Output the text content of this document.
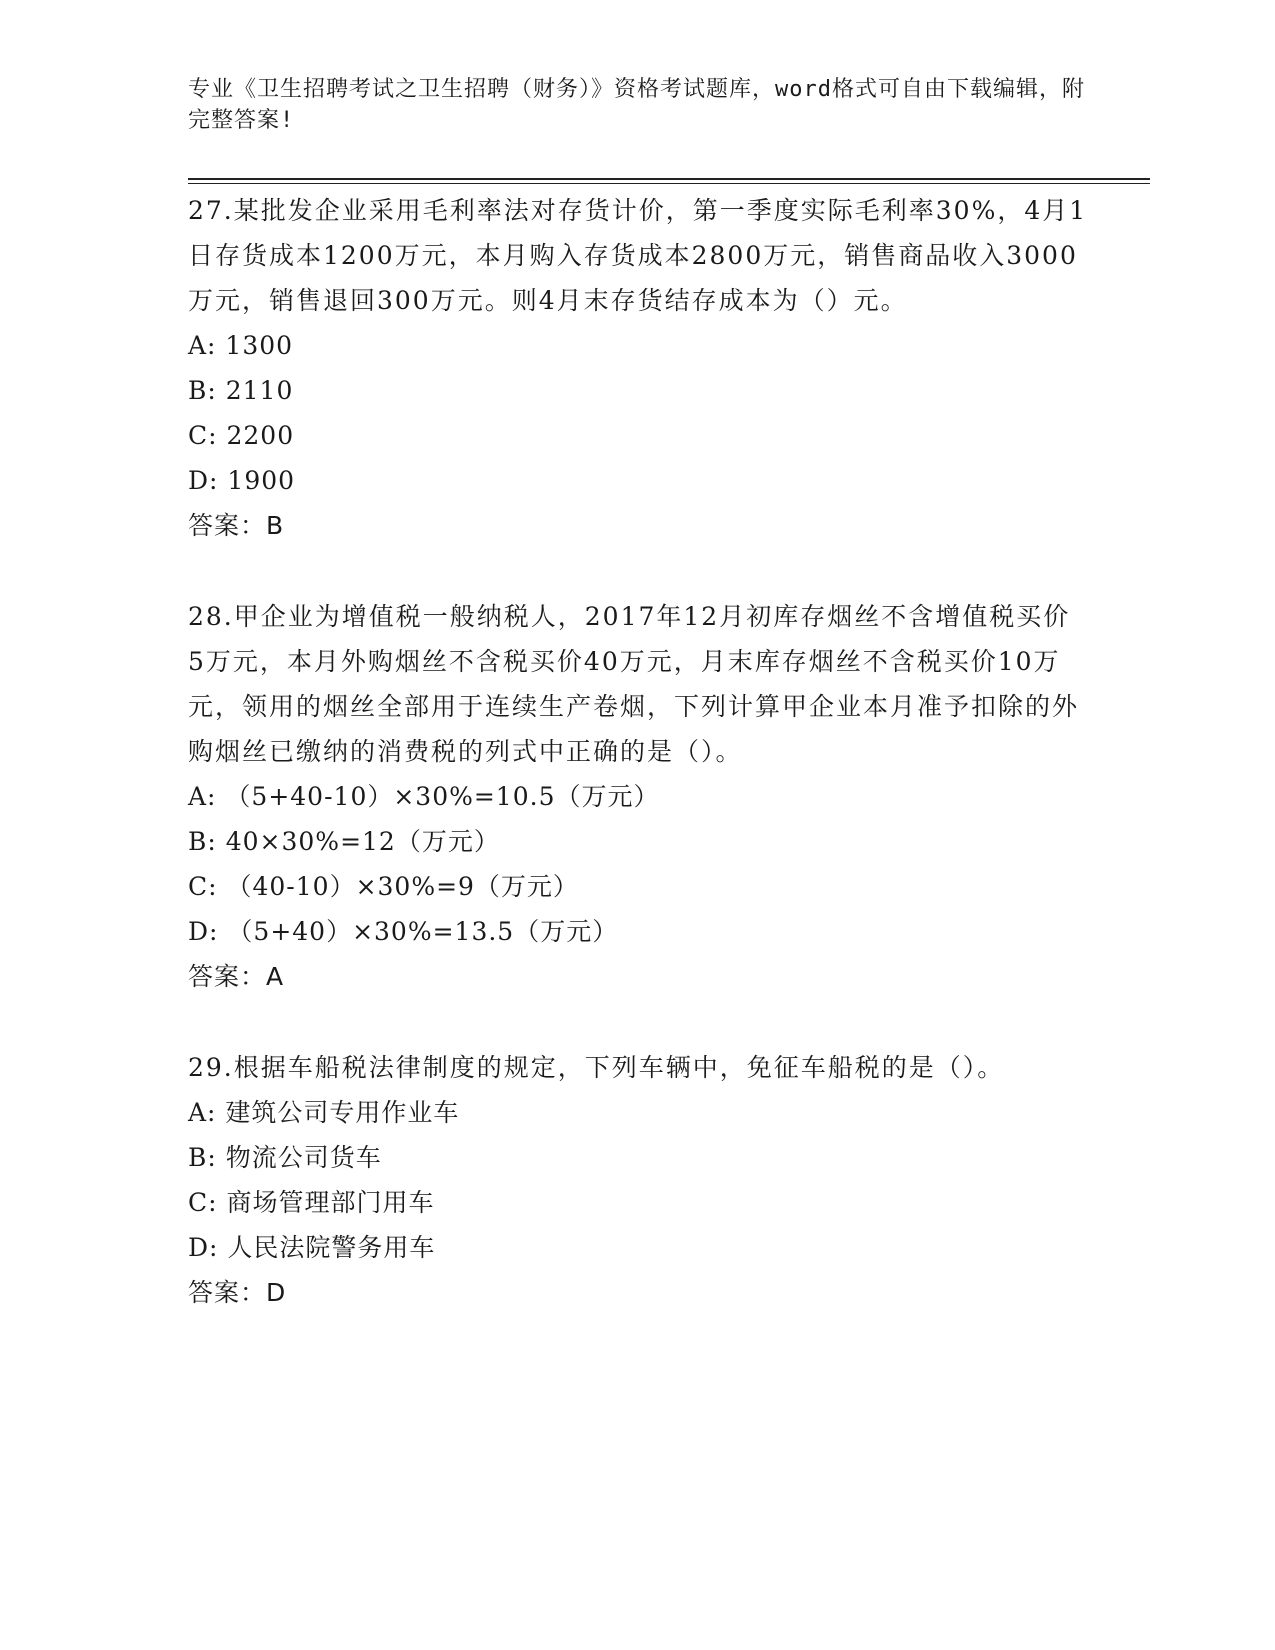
专业《卫生招聘考试之卫生招聘（财务）》资格考试题库，word格式可自由下载编辑，附完整答案!

27.某批发企业采用毛利率法对存货计价，第一季度实际毛利率30%，4月1日存货成本1200万元，本月购入存货成本2800万元，销售商品收入3000万元，销售退回300万元。则4月末存货结存成本为（）元。

A: 1300

B: 2110

C: 2200

D: 1900

答案：B

28.甲企业为增值税一般纳税人，2017年12月初库存烟丝不含增值税买价5万元，本月外购烟丝不含税买价40万元，月末库存烟丝不含税买价10万元，领用的烟丝全部用于连续生产卷烟，下列计算甲企业本月准予扣除的外购烟丝已缴纳的消费税的列式中正确的是（）。

A: （5+40-10）×30%=10.5（万元）

B: 40×30%=12（万元）

C: （40-10）×30%=9（万元）

D: （5+40）×30%=13.5（万元）

答案：A

29.根据车船税法律制度的规定，下列车辆中，免征车船税的是（）。

A: 建筑公司专用作业车

B: 物流公司货车

C: 商场管理部门用车

D: 人民法院警务用车

答案：D
